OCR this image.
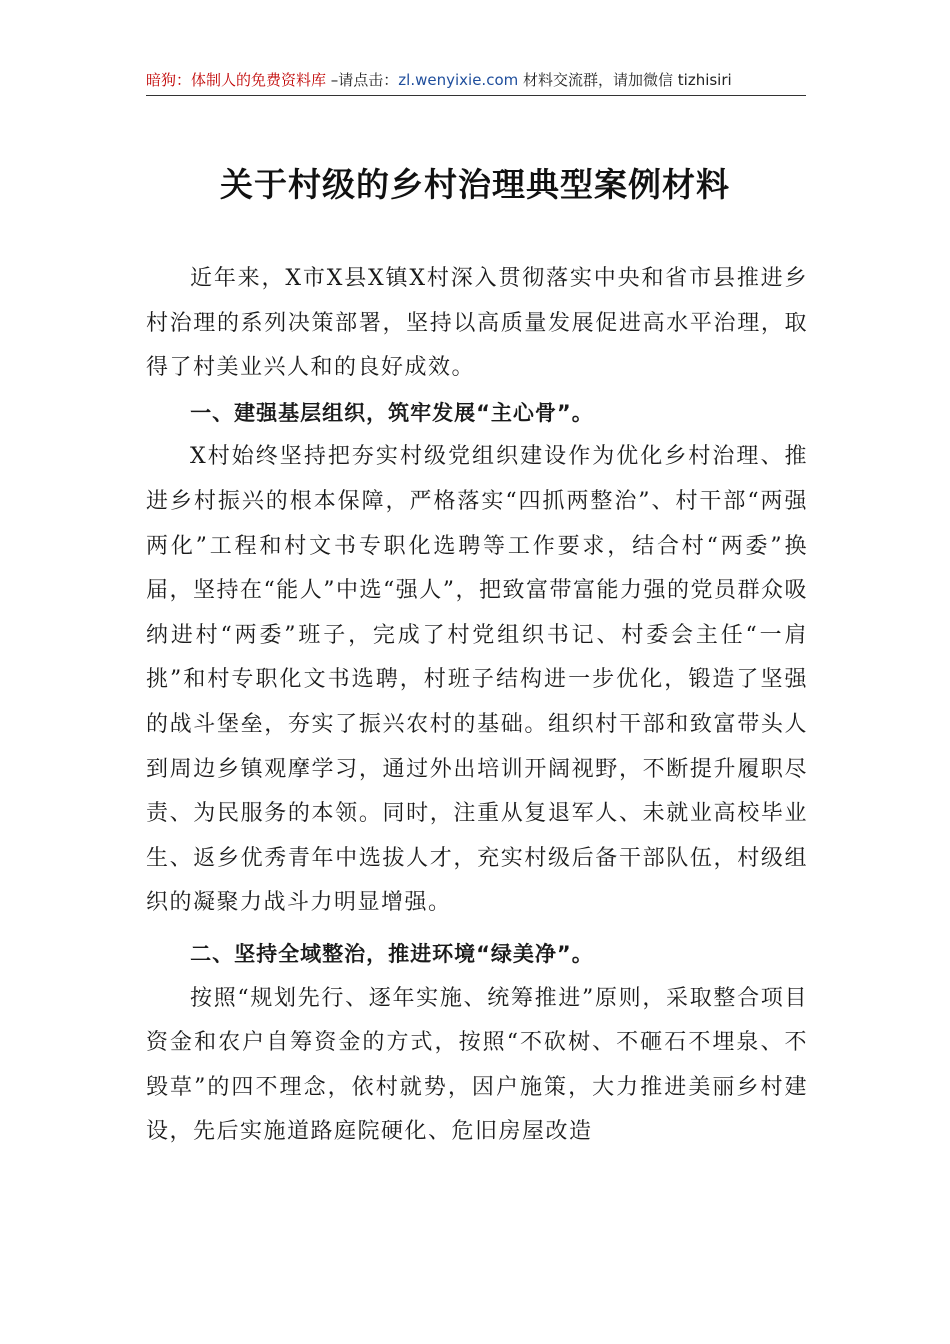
暗狗：体制人的免费资料库 –请点击：zl.wenyixie.com 材料交流群，请加微信 tizhisiri
关于村级的乡村治理典型案例材料

近年来，X市X县X镇X村深入贯彻落实中央和省市县推进乡村治理的系列决策部署，坚持以高质量发展促进高水平治理，取得了村美业兴人和的良好成效。

一、建强基层组织，筑牢发展“主心骨”。

X村始终坚持把夯实村级党组织建设作为优化乡村治理、推进乡村振兴的根本保障，严格落实“四抓两整治”、村干部“两强两化”工程和村文书专职化选聘等工作要求，结合村“两委”换届，坚持在“能人”中选“强人”，把致富带富能力强的党员群众吸纳进村“两委”班子，完成了村党组织书记、村委会主任“一肩挑”和村专职化文书选聘，村班子结构进一步优化，锻造了坚强的战斗堡垒，夯实了振兴农村的基础。组织村干部和致富带头人到周边乡镇观摩学习，通过外出培训开阔视野，不断提升履职尽责、为民服务的本领。同时，注重从复退军人、未就业高校毕业生、返乡优秀青年中选拔人才，充实村级后备干部队伍，村级组织的凝聚力战斗力明显增强。

二、坚持全域整治，推进环境“绿美净”。

按照“规划先行、逐年实施、统筹推进”原则，采取整合项目资金和农户自筹资金的方式，按照“不砍树、不砸石不埋泉、不毁草”的四不理念，依村就势，因户施策，大力推进美丽乡村建设，先后实施道路庭院硬化、危旧房屋改造
